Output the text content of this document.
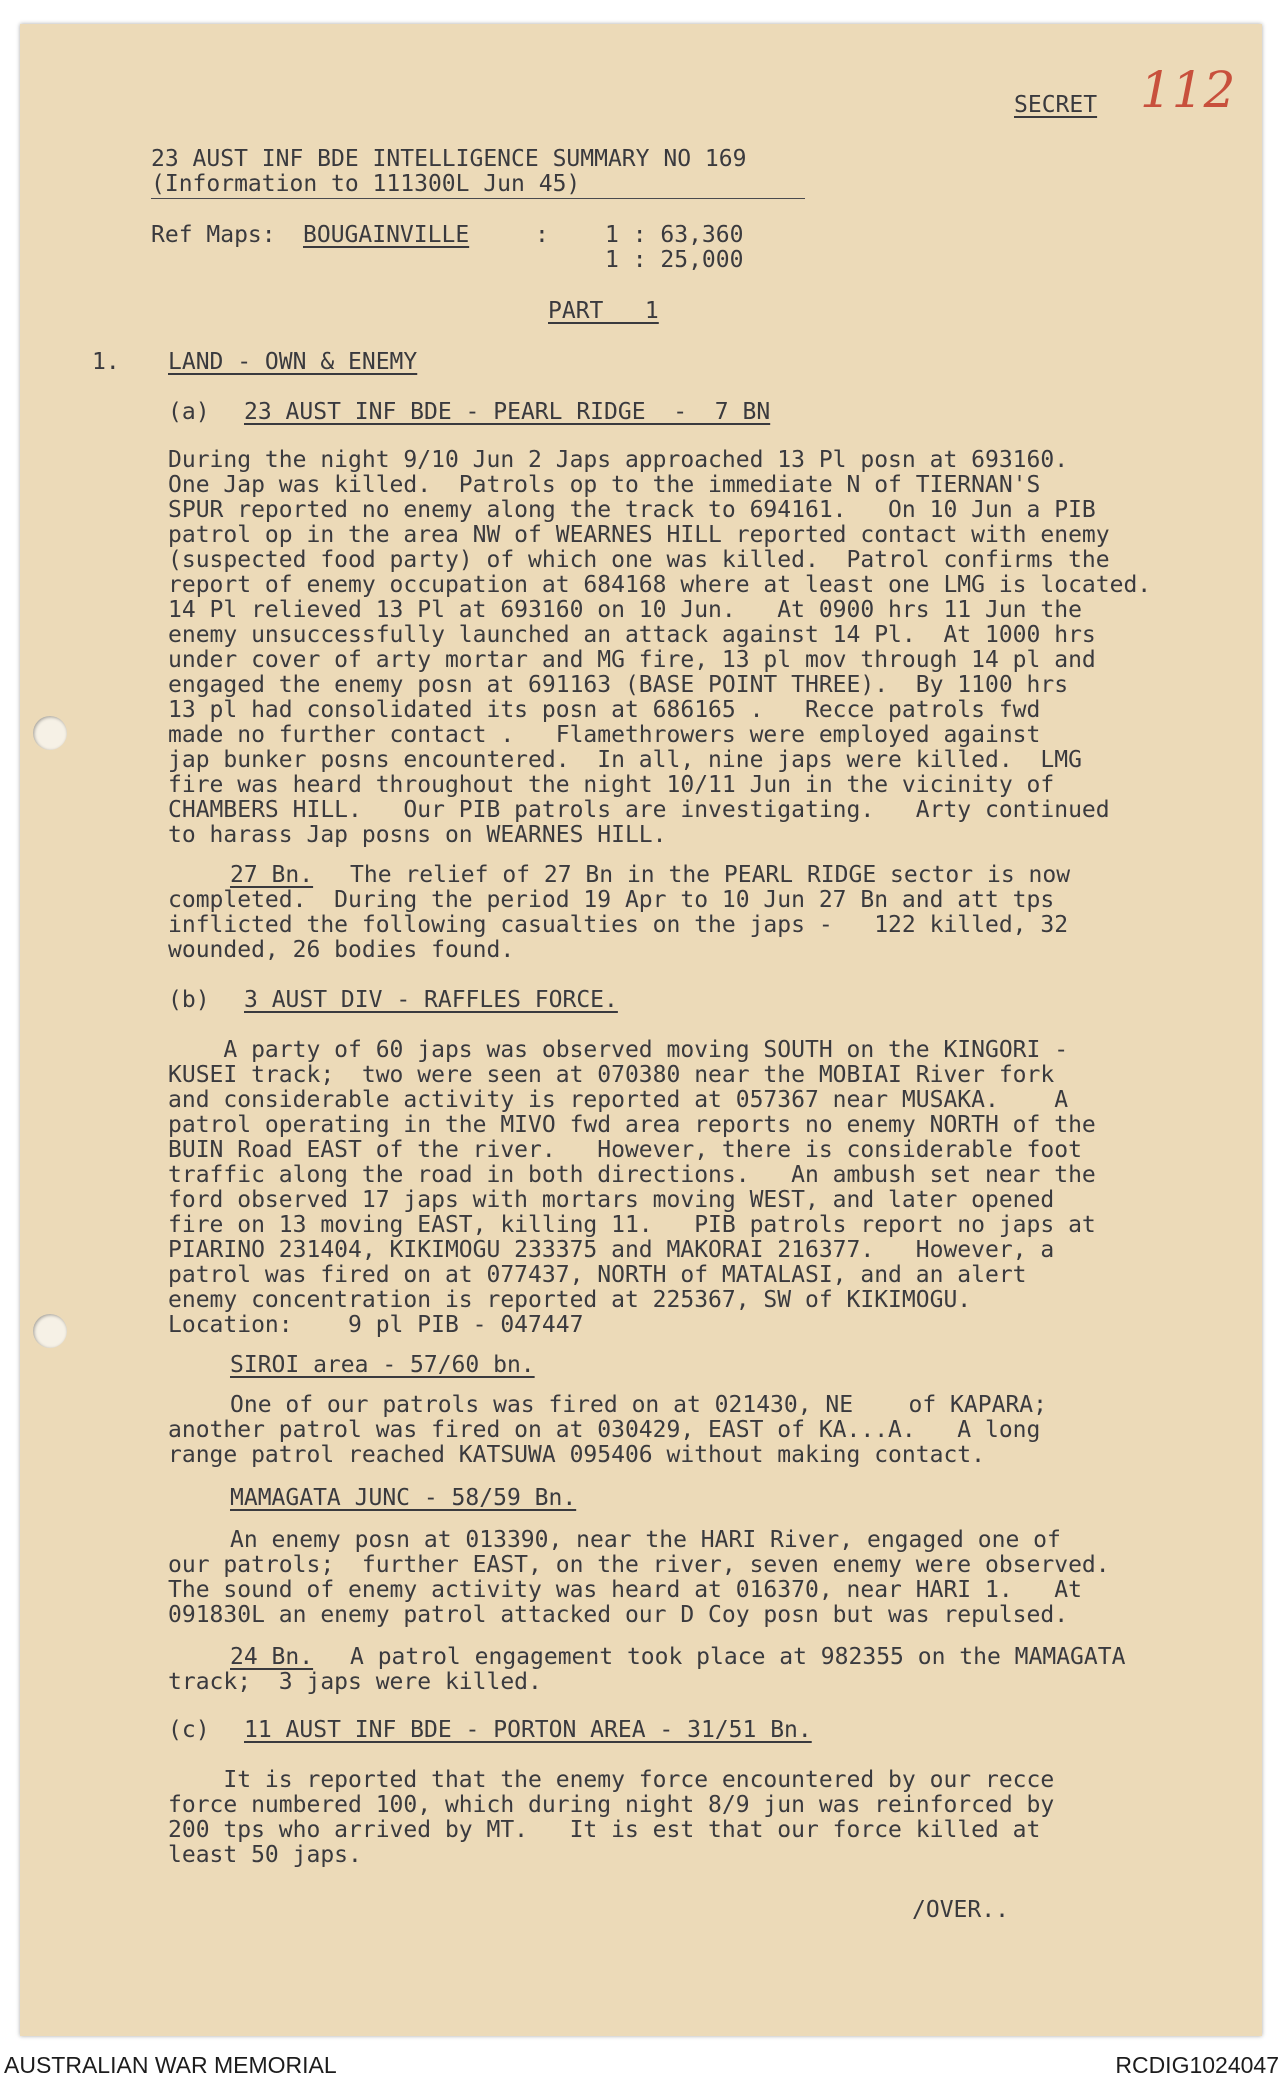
SECRET 112
23 AUST INF BDE INTELLIGENCE SUMMARY NO 169
(Information to 111300L Jun 45)
Ref Maps: BOUGAINVILLE	: 1 : 63,360
1 : 25,000
PART   1
1. LAND - OWN & ENEMY
(a) 23 AUST INF BDE - PEARL RIDGE  -  7 BN
During the night 9/10 Jun 2 Japs approached 13 Pl posn at 693160.
One Jap was killed.  Patrols op to the immediate N of TIERNAN'S
SPUR reported no enemy along the track to 694161.   On 10 Jun a PIB
patrol op in the area NW of WEARNES HILL reported contact with enemy
(suspected food party) of which one was killed.  Patrol confirms the
report of enemy occupation at 684168 where at least one LMG is located.
14 Pl relieved 13 Pl at 693160 on 10 Jun.   At 0900 hrs 11 Jun the
enemy unsuccessfully launched an attack against 14 Pl.  At 1000 hrs
under cover of arty mortar and MG fire, 13 pl mov through 14 pl and
engaged the enemy posn at 691163 (BASE POINT THREE).  By 1100 hrs
13 pl had consolidated its posn at 686165 .   Recce patrols fwd
made no further contact .   Flamethrowers were employed against
jap bunker posns encountered.  In all, nine japs were killed.  LMG
fire was heard throughout the night 10/11 Jun in the vicinity of
CHAMBERS HILL.   Our PIB patrols are investigating.   Arty continued
to harass Jap posns on WEARNES HILL.
27 Bn. The relief of 27 Bn in the PEARL RIDGE sector is now
completed.  During the period 19 Apr to 10 Jun 27 Bn and att tps
inflicted the following casualties on the japs -   122 killed, 32
wounded, 26 bodies found.
(b) 3 AUST DIV - RAFFLES FORCE.
A party of 60 japs was observed moving SOUTH on the KINGORI -
KUSEI track;  two were seen at 070380 near the MOBIAI River fork
and considerable activity is reported at 057367 near MUSAKA.    A
patrol operating in the MIVO fwd area reports no enemy NORTH of the
BUIN Road EAST of the river.   However, there is considerable foot
traffic along the road in both directions.   An ambush set near the
ford observed 17 japs with mortars moving WEST, and later opened
fire on 13 moving EAST, killing 11.   PIB patrols report no japs at
PIARINO 231404, KIKIMOGU 233375 and MAKORAI 216377.   However, a
patrol was fired on at 077437, NORTH of MATALASI, and an alert
enemy concentration is reported at 225367, SW of KIKIMOGU.
Location:    9 pl PIB - 047447
SIROI area - 57/60 bn.
One of our patrols was fired on at 021430, NE    of KAPARA;
another patrol was fired on at 030429, EAST of KA...A.   A long
range patrol reached KATSUWA 095406 without making contact.
MAMAGATA JUNC - 58/59 Bn.
An enemy posn at 013390, near the HARI River, engaged one of
our patrols;  further EAST, on the river, seven enemy were observed.
The sound of enemy activity was heard at 016370, near HARI 1.   At
091830L an enemy patrol attacked our D Coy posn but was repulsed.
24 Bn. A patrol engagement took place at 982355 on the MAMAGATA
track;  3 japs were killed.
(c) 11 AUST INF BDE - PORTON AREA - 31/51 Bn.
It is reported that the enemy force encountered by our recce
force numbered 100, which during night 8/9 jun was reinforced by
200 tps who arrived by MT.   It is est that our force killed at
least 50 japs.
/OVER..
AUSTRALIAN WAR MEMORIAL	RCDIG1024047
